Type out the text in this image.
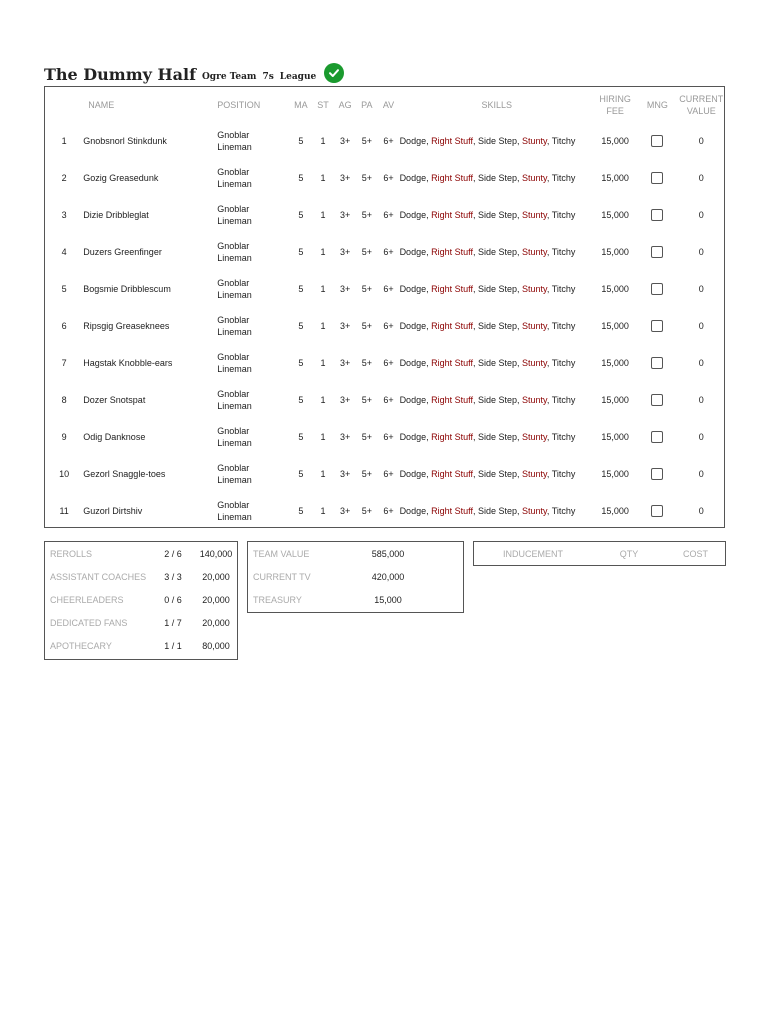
The Dummy Half Ogre Team 7s League
	NAME	POSITION	MA	ST	AG	PA	AV	SKILLS	HIRING FEE	MNG	CURRENT VALUE
1	Gnobsnorl Stinkdunk	Gnoblar
Lineman	5	1	3+	5+	6+	Dodge, Right Stuff, Side Step, Stunty, Titchy	15,000		0
2	Gozig Greasedunk	Gnoblar
Lineman	5	1	3+	5+	6+	Dodge, Right Stuff, Side Step, Stunty, Titchy	15,000		0
3	Dizie Dribbleglat	Gnoblar
Lineman	5	1	3+	5+	6+	Dodge, Right Stuff, Side Step, Stunty, Titchy	15,000		0
4	Duzers Greenfinger	Gnoblar
Lineman	5	1	3+	5+	6+	Dodge, Right Stuff, Side Step, Stunty, Titchy	15,000		0
5	Bogsmie Dribblescum	Gnoblar
Lineman	5	1	3+	5+	6+	Dodge, Right Stuff, Side Step, Stunty, Titchy	15,000		0
6	Ripsgig Greaseknees	Gnoblar
Lineman	5	1	3+	5+	6+	Dodge, Right Stuff, Side Step, Stunty, Titchy	15,000		0
7	Hagstak Knobble-ears	Gnoblar
Lineman	5	1	3+	5+	6+	Dodge, Right Stuff, Side Step, Stunty, Titchy	15,000		0
8	Dozer Snotspat	Gnoblar
Lineman	5	1	3+	5+	6+	Dodge, Right Stuff, Side Step, Stunty, Titchy	15,000		0
9	Odig Danknose	Gnoblar
Lineman	5	1	3+	5+	6+	Dodge, Right Stuff, Side Step, Stunty, Titchy	15,000		0
10	Gezorl Snaggle-toes	Gnoblar
Lineman	5	1	3+	5+	6+	Dodge, Right Stuff, Side Step, Stunty, Titchy	15,000		0
11	Guzorl Dirtshiv	Gnoblar
Lineman	5	1	3+	5+	6+	Dodge, Right Stuff, Side Step, Stunty, Titchy	15,000		0
REROLLS	2 / 6	140,000
ASSISTANT COACHES	3 / 3	20,000
CHEERLEADERS	0 / 6	20,000
DEDICATED FANS	1 / 7	20,000
APOTHECARY	1 / 1	80,000
TEAM VALUE	585,000	
CURRENT TV	420,000	
TREASURY	15,000	
INDUCEMENT	QTY	COST
